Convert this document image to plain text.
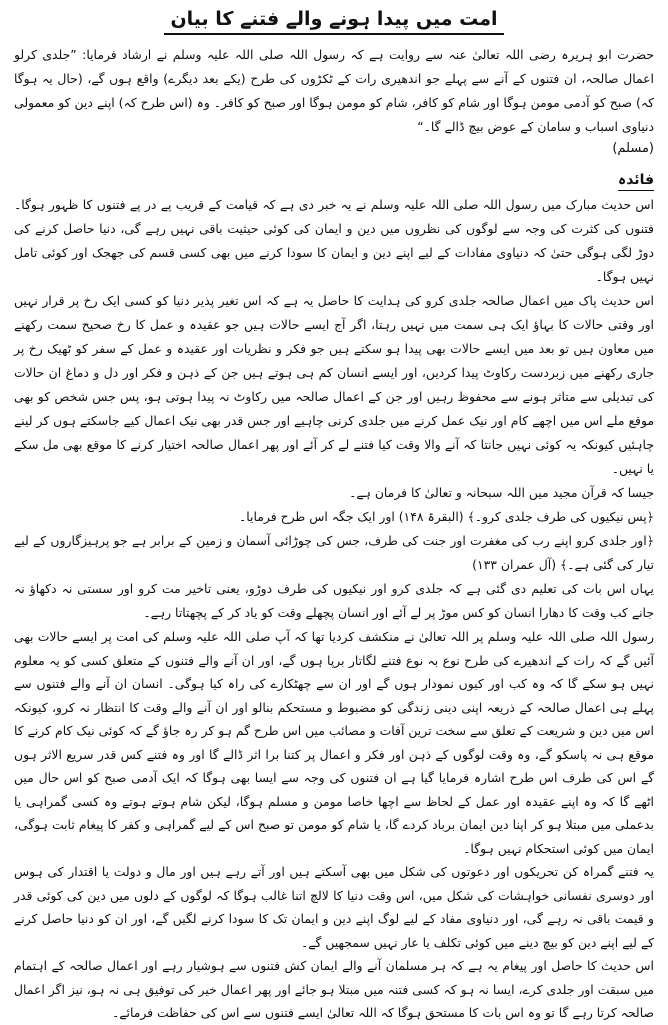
امت میں پیدا ہونے والے فتنے کا بیان

حضرت ابو ہریرہ رضی اللہ تعالیٰ عنہ سے روایت ہے کہ رسول اللہ صلی اللہ علیہ وسلم نے ارشاد فرمایا: ”جلدی کرلو اعمال صالحہ، ان فتنوں کے آنے سے پہلے جو اندھیری رات کے ٹکڑوں کی طرح (یکے بعد دیگرے) واقع ہوں گے، (حال یہ ہوگا کہ) صبح کو آدمی مومن ہوگا اور شام کو کافر، شام کو مومن ہوگا اور صبح کو کافر۔ وہ (اس طرح کہ) اپنے دین کو معمولی دنیاوی اسباب و سامان کے عوض بیچ ڈالے گا۔“

(مسلم)
فائدہ

اس حدیث مبارک میں رسول اللہ صلی اللہ علیہ وسلم نے یہ خبر دی ہے کہ قیامت کے قریب پے در پے فتنوں کا ظہور ہوگا۔ فتنوں کی کثرت کی وجہ سے لوگوں کی نظروں میں دین و ایمان کی کوئی حیثیت باقی نہیں رہے گی، دنیا حاصل کرنے کی دوڑ لگی ہوگی حتیٰ کہ دنیاوی مفادات کے لیے اپنے دین و ایمان کا سودا کرنے میں بھی کسی قسم کی جھجک اور کوئی تامل نہیں ہوگا۔

اس حدیث پاک میں اعمال صالحہ جلدی کرو کی ہدایت کا حاصل یہ ہے کہ اس تغیر پذیر دنیا کو کسی ایک رخ پر قرار نہیں اور وقتی حالات کا بہاؤ ایک ہی سمت میں نہیں رہتا، اگر آج ایسے حالات ہیں جو عقیدہ و عمل کا رخ صحیح سمت رکھنے میں معاون ہیں تو بعد میں ایسے حالات بھی پیدا ہو سکتے ہیں جو فکر و نظریات اور عقیدہ و عمل کے سفر کو ٹھیک رخ پر جاری رکھنے میں زبردست رکاوٹ پیدا کردیں، اور ایسے انسان کم ہی ہوتے ہیں جن کے ذہن و فکر اور دل و دماغ ان حالات کی تبدیلی سے متاثر ہونے سے محفوظ رہیں اور جن کے اعمال صالحہ میں رکاوٹ نہ پیدا ہوتی ہو، پس جس شخص کو بھی موقع ملے اس میں اچھے کام اور نیک عمل کرنے میں جلدی کرنی چاہیے اور جس قدر بھی نیک اعمال کیے جاسکتے ہوں کر لینے چاہئیں کیونکہ یہ کوئی نہیں جانتا کہ آنے والا وقت کیا فتنے لے کر آئے اور پھر اعمال صالحہ اختیار کرنے کا موقع بھی مل سکے یا نہیں۔

جیسا کہ قرآن مجید میں اللہ سبحانہ و تعالیٰ کا فرمان ہے۔

﴿پس نیکیوں کی طرف جلدی کرو۔﴾ (البقرۃ ۱۴۸) اور ایک جگہ اس طرح فرمایا۔

﴿اور جلدی کرو اپنے رب کی مغفرت اور جنت کی طرف، جس کی چوڑائی آسمان و زمین کے برابر ہے جو پرہیزگاروں کے لیے تیار کی گئی ہے۔﴾ (آل عمران ۱۳۳)

یہاں اس بات کی تعلیم دی گئی ہے کہ جلدی کرو اور نیکیوں کی طرف دوڑو، یعنی تاخیر مت کرو اور سستی نہ دکھاؤ نہ جانے کب وقت کا دھارا انسان کو کس موڑ پر لے آئے اور انسان پچھلے وقت کو یاد کر کے پچھتاتا رہے۔

رسول اللہ صلی اللہ علیہ وسلم پر اللہ تعالیٰ نے منکشف کردیا تھا کہ آپ صلی اللہ علیہ وسلم کی امت پر ایسے حالات بھی آئیں گے کہ رات کے اندھیرے کی طرح نوع بہ نوع فتنے لگاتار برپا ہوں گے، اور ان آنے والے فتنوں کے متعلق کسی کو یہ معلوم نہیں ہو سکے گا کہ وہ کب اور کیوں نمودار ہوں گے اور ان سے چھٹکارے کی راہ کیا ہوگی۔ انسان ان آنے والے فتنوں سے پہلے ہی اعمال صالحہ کے ذریعہ اپنی دینی زندگی کو مضبوط و مستحکم بنالو اور ان آنے والے وقت کا انتظار نہ کرو، کیونکہ اس میں دین و شریعت کے تعلق سے سخت ترین آفات و مصائب میں اس طرح گم ہو کر رہ جاؤ گے کہ کوئی نیک کام کرنے کا موقع ہی نہ پاسکو گے، وہ وقت لوگوں کے ذہن اور فکر و اعمال پر کتنا برا اثر ڈالے گا اور وہ فتنے کس قدر سریع الاثر ہوں گے اس کی طرف اس طرح اشارہ فرمایا گیا ہے ان فتنوں کی وجہ سے ایسا بھی ہوگا کہ ایک آدمی صبح کو اس حال میں اٹھے گا کہ وہ اپنے عقیدہ اور عمل کے لحاظ سے اچھا خاصا مومن و مسلم ہوگا، لیکن شام ہوتے ہوتے وہ کسی گمراہی یا بدعملی میں مبتلا ہو کر اپنا دین ایمان برباد کردے گا، یا شام کو مومن تو صبح اس کے لیے گمراہی و کفر کا پیغام ثابت ہوگی، ایمان میں کوئی استحکام نہیں ہوگا۔

یہ فتنے گمراہ کن تحریکوں اور دعوتوں کی شکل میں بھی آسکتے ہیں اور آتے رہے ہیں اور مال و دولت یا اقتدار کی ہوس اور دوسری نفسانی خواہشات کی شکل میں، اس وقت دنیا کا لالچ اتنا غالب ہوگا کہ لوگوں کے دلوں میں دین کی کوئی قدر و قیمت باقی نہ رہے گی، اور دنیاوی مفاد کے لیے لوگ اپنے دین و ایمان تک کا سودا کرنے لگیں گے، اور ان کو دنیا حاصل کرنے کے لیے اپنے دین کو بیچ دینے میں کوئی تکلف یا عار نہیں سمجھیں گے۔

اس حدیث کا حاصل اور پیغام یہ ہے کہ ہر مسلمان آنے والے ایمان کش فتنوں سے ہوشیار رہے اور اعمال صالحہ کے اہتمام میں سبقت اور جلدی کرے، ایسا نہ ہو کہ کسی فتنہ میں مبتلا ہو جائے اور پھر اعمال خیر کی توفیق ہی نہ ہو، نیز اگر اعمال صالحہ کرتا رہے گا تو وہ اس بات کا مستحق ہوگا کہ اللہ تعالیٰ ایسے فتنوں سے اس کی حفاظت فرمائے۔
